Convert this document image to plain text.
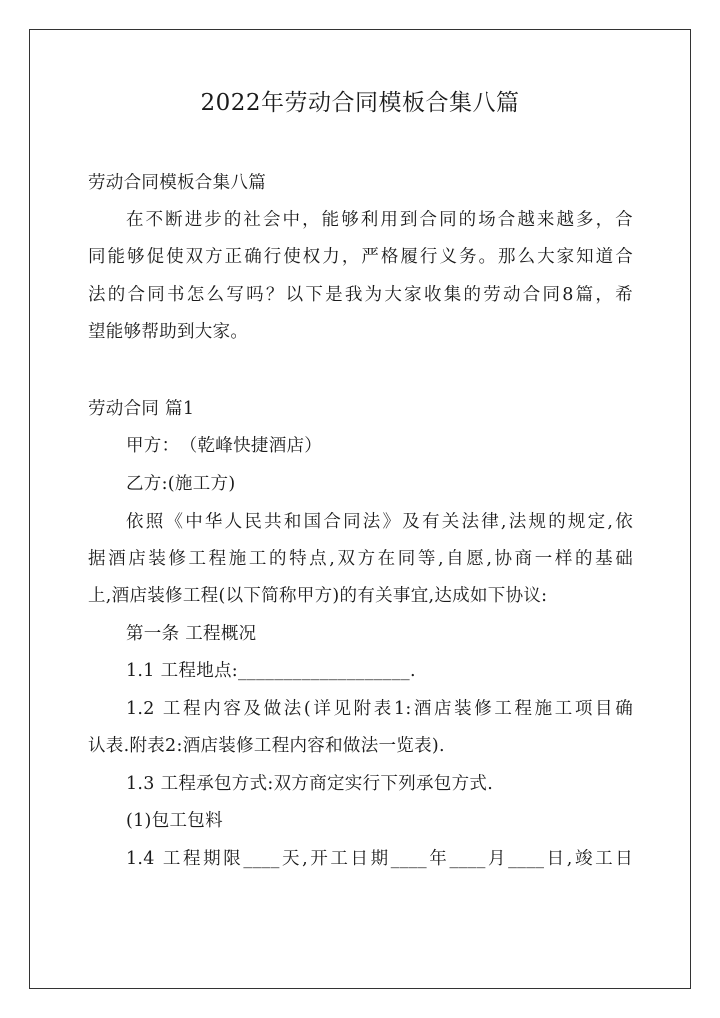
2022年劳动合同模板合集八篇
劳动合同模板合集八篇
在不断进步的社会中，能够利用到合同的场合越来越多，合
同能够促使双方正确行使权力，严格履行义务。那么大家知道合
法的合同书怎么写吗？以下是我为大家收集的劳动合同8篇，希
望能够帮助到大家。
劳动合同 篇1
甲方：　（乾峰快捷酒店）
乙方:(施工方)
依照《中华人民共和国合同法》及有关法律,法规的规定,依
据酒店装修工程施工的特点,双方在同等,自愿,协商一样的基础
上,酒店装修工程(以下简称甲方)的有关事宜,达成如下协议:
第一条 工程概况
1.1 工程地点:___________________.
1.2 工程内容及做法(详见附表1:酒店装修工程施工项目确
认表.附表2:酒店装修工程内容和做法一览表).
1.3 工程承包方式:双方商定实行下列承包方式.
(1)包工包料
1.4 工程期限____天,开工日期____年____月____日,竣工日
